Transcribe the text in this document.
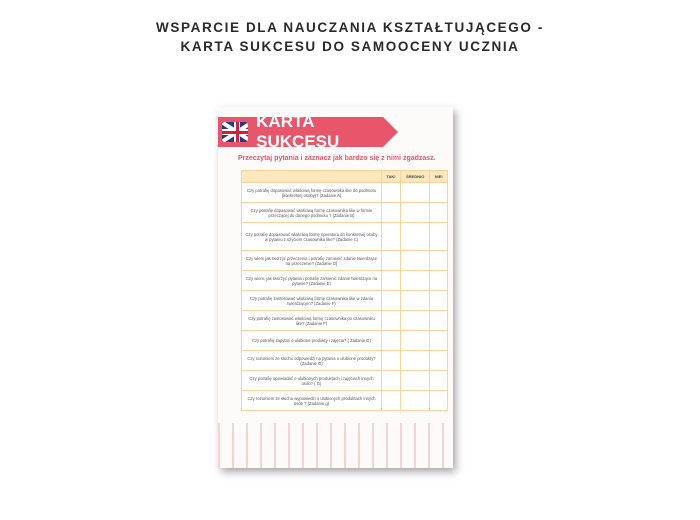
WSPARCIE DLA NAUCZANIA KSZTAŁTUJĄCEGO -
KARTA SUKCESU DO SAMOOCENY UCZNIA
KARTA SUKCESU
Przeczytaj pytania i zaznacz jak bardzo się z nimi zgadzasz.
	TAK!	ŚREDNIO	NIE!
Czy potrafię dopasować właściwą formę czasownika like do podmiotu (konkretnej osoby)? (Zadanie A)			
Czy potrafię dopasować właściwą formę czasownika like w formie przeczącej do danego podmiotu ? (Zadanie B)			
Czy potrafię dopasować właściwą formę operatora do konkretnej osoby w pytaniu z użyciem czasownika like? (Zadanie C)			
Czy wiem jak tworzyć przeczenia i potrafię zamienić zdanie twierdzące na przeczenie? (Zadanie D)			
Czy wiem, jak tworzyć pytania i potrafię zamienić zdanie twierdzące na pytanie? (Zadanie E)			
Czy potrafię zastosować właściwą formę czasownika like w zdaniu twierdzącym? (Zadanie F)			
Czy potrafię zastosować właściwą formę czasownika po czasowniku like? (Zadanie F)			
Czy potrafię zapytać o ulubione produkty i zajęcia? ( Zadanie G)			
Czy rozumiem ze słuchu odpowiedzi na pytania o ulubione produkty? (Zadanie G)			
Czy potrafię opowiadać o ulubionych produktach i zajęciach innych osób? ( G)			
Czy rozumiem ze słuchu wypowiedzi o ulubionych produktach innych osób ? (Zadanie g)			
